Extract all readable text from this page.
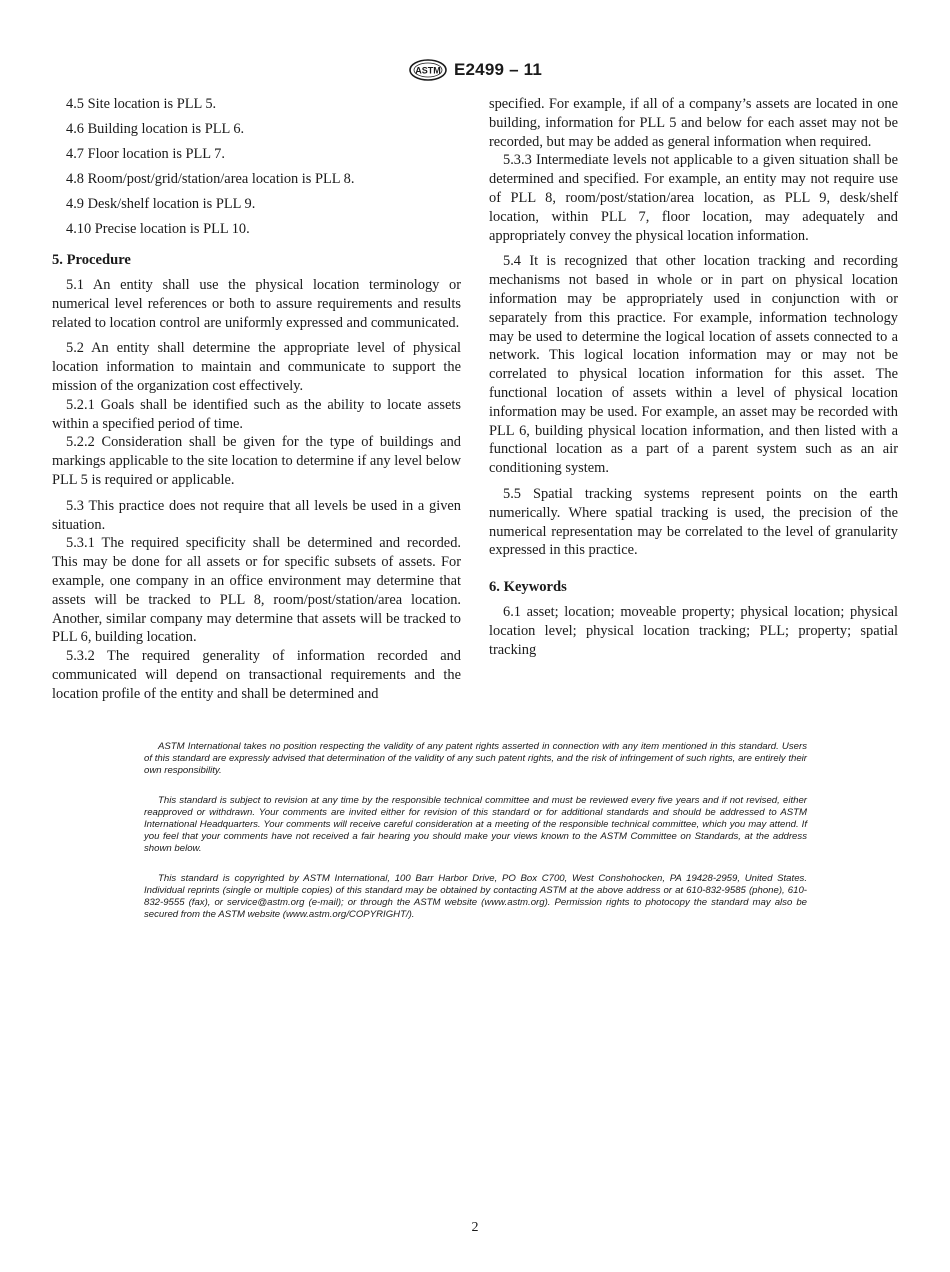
ASTM E2499 – 11

4.5 Site location is PLL 5.

4.6 Building location is PLL 6.

4.7 Floor location is PLL 7.

4.8 Room/post/grid/station/area location is PLL 8.

4.9 Desk/shelf location is PLL 9.

4.10 Precise location is PLL 10.

5. Procedure

5.1 An entity shall use the physical location terminology or numerical level references or both to assure requirements and results related to location control are uniformly expressed and communicated.

5.2 An entity shall determine the appropriate level of physical location information to maintain and communicate to support the mission of the organization cost effectively.

5.2.1 Goals shall be identified such as the ability to locate assets within a specified period of time.

5.2.2 Consideration shall be given for the type of buildings and markings applicable to the site location to determine if any level below PLL 5 is required or applicable.

5.3 This practice does not require that all levels be used in a given situation.

5.3.1 The required specificity shall be determined and recorded. This may be done for all assets or for specific subsets of assets. For example, one company in an office environment may determine that assets will be tracked to PLL 8, room/post/station/area location. Another, similar company may determine that assets will be tracked to PLL 6, building location.

5.3.2 The required generality of information recorded and communicated will depend on transactional requirements and the location profile of the entity and shall be determined and

specified. For example, if all of a company’s assets are located in one building, information for PLL 5 and below for each asset may not be recorded, but may be added as general information when required.

5.3.3 Intermediate levels not applicable to a given situation shall be determined and specified. For example, an entity may not require use of PLL 8, room/post/station/area location, as PLL 9, desk/shelf location, within PLL 7, floor location, may adequately and appropriately convey the physical location information.

5.4 It is recognized that other location tracking and recording mechanisms not based in whole or in part on physical location information may be appropriately used in conjunction with or separately from this practice. For example, information technology may be used to determine the logical location of assets connected to a network. This logical location information may or may not be correlated to physical location information for this asset. The functional location of assets within a level of physical location information may be used. For example, an asset may be recorded with PLL 6, building physical location information, and then listed with a functional location as a part of a parent system such as an air conditioning system.

5.5 Spatial tracking systems represent points on the earth numerically. Where spatial tracking is used, the precision of the numerical representation may be correlated to the level of granularity expressed in this practice.

6. Keywords

6.1 asset; location; moveable property; physical location; physical location level; physical location tracking; PLL; property; spatial tracking

ASTM International takes no position respecting the validity of any patent rights asserted in connection with any item mentioned in this standard. Users of this standard are expressly advised that determination of the validity of any such patent rights, and the risk of infringement of such rights, are entirely their own responsibility.

This standard is subject to revision at any time by the responsible technical committee and must be reviewed every five years and if not revised, either reapproved or withdrawn. Your comments are invited either for revision of this standard or for additional standards and should be addressed to ASTM International Headquarters. Your comments will receive careful consideration at a meeting of the responsible technical committee, which you may attend. If you feel that your comments have not received a fair hearing you should make your views known to the ASTM Committee on Standards, at the address shown below.

This standard is copyrighted by ASTM International, 100 Barr Harbor Drive, PO Box C700, West Conshohocken, PA 19428-2959, United States. Individual reprints (single or multiple copies) of this standard may be obtained by contacting ASTM at the above address or at 610-832-9585 (phone), 610-832-9555 (fax), or service@astm.org (e-mail); or through the ASTM website (www.astm.org). Permission rights to photocopy the standard may also be secured from the ASTM website (www.astm.org/COPYRIGHT/).

2
